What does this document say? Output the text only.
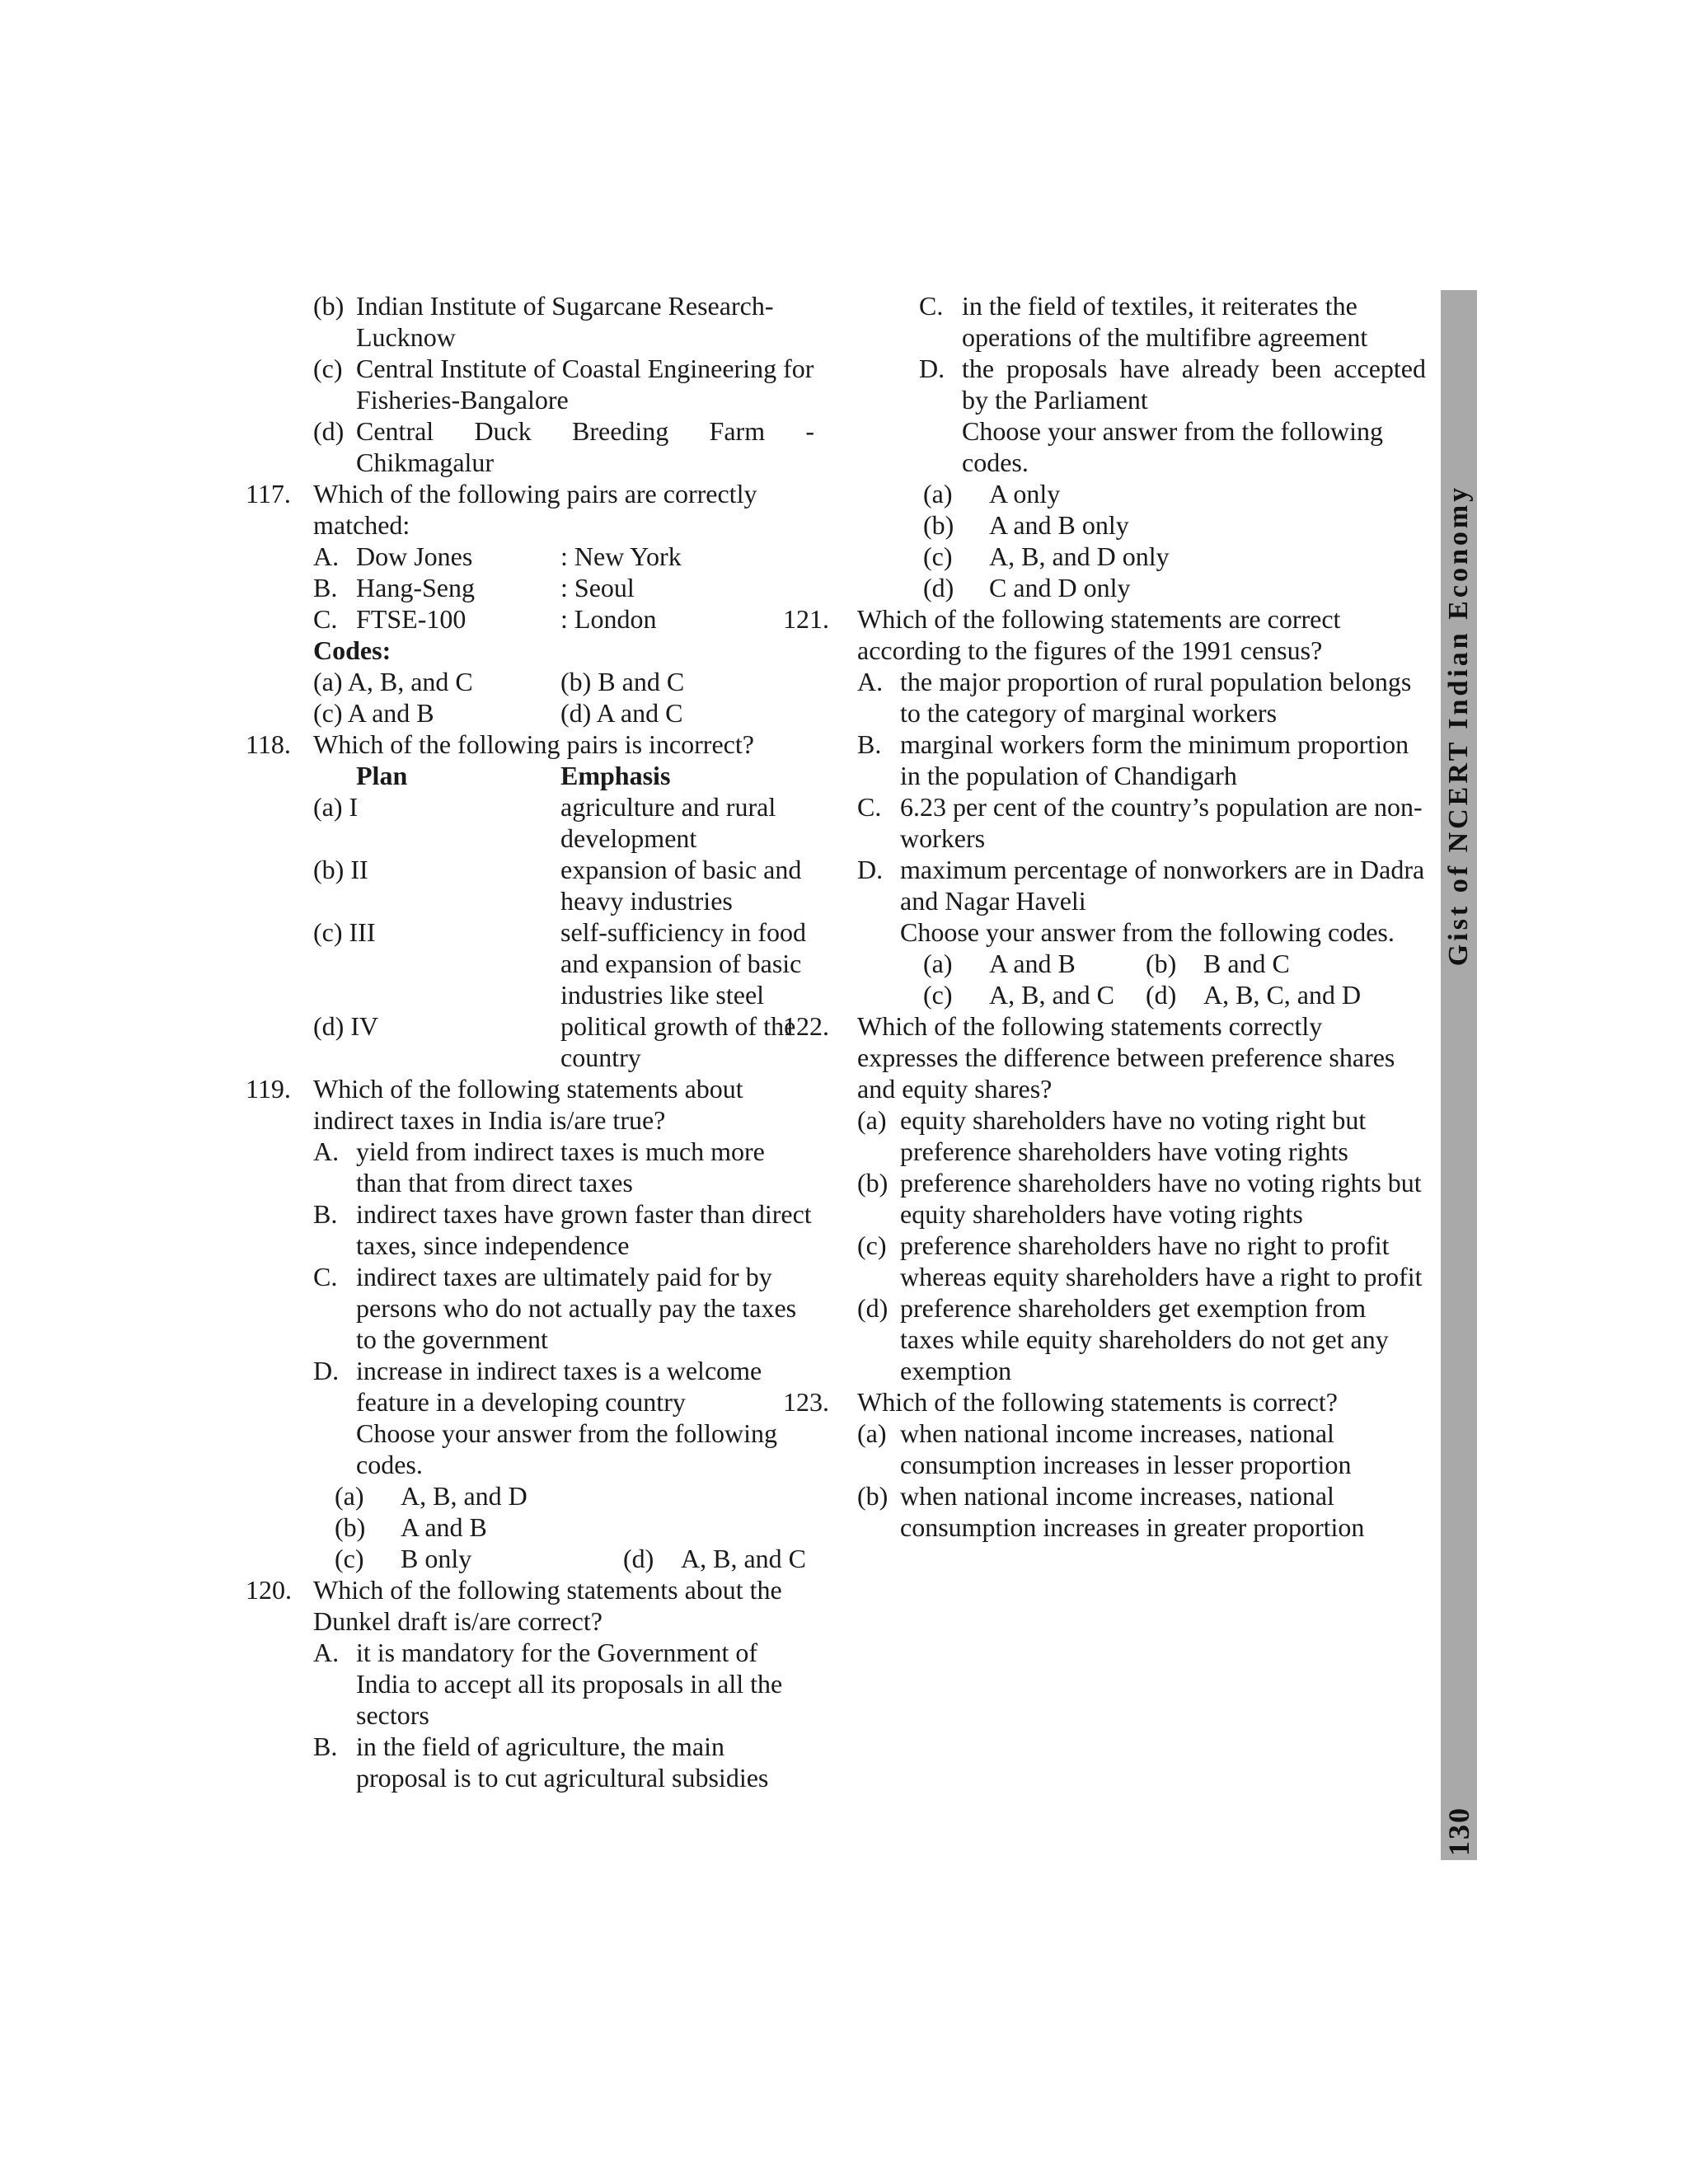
(b) Indian Institute of Sugarcane Research-Lucknow
(c) Central Institute of Coastal Engineering for Fisheries-Bangalore
(d) Central Duck Breeding Farm - Chikmagalur
117. Which of the following pairs are correctly matched:
A. Dow Jones	: New York
B. Hang-Seng	: Seoul
C. FTSE-100	: London
Codes:
(a) A, B, and C	(b) B and C
(c) A and B	(d) A and C
118. Which of the following pairs is incorrect?
Plan	Emphasis
(a) I	agriculture and rural development
(b) II	expansion of basic and heavy industries
(c) III	self-sufficiency in food and expansion of basic industries like steel
(d) IV	political growth of the country
119. Which of the following statements about indirect taxes in India is/are true?
A. yield from indirect taxes is much more than that from direct taxes
B. indirect taxes have grown faster than direct taxes, since independence
C. indirect taxes are ultimately paid for by persons who do not actually pay the taxes to the government
D. increase in indirect taxes is a welcome feature in a developing country
Choose your answer from the following codes.
(a)	A, B, and D
(b)	A and B
(c)	B only	(d)	A, B, and C
120. Which of the following statements about the Dunkel draft is/are correct?
A. it is mandatory for the Government of India to accept all its proposals in all the sectors
B. in the field of agriculture, the main proposal is to cut agricultural subsidies
C. in the field of textiles, it reiterates the operations of the multifibre agreement
D. the proposals have already been accepted by the Parliament
Choose your answer from the following codes.
(a)	A only
(b)	A and B only
(c)	A, B, and D only
(d)	C and D only
121.	Which of the following statements are correct according to the figures of the 1991 census?
A. the major proportion of rural population belongs to the category of marginal workers
B. marginal workers form the minimum proportion in the population of Chandigarh
C. 6.23 per cent of the country’s population are non-workers
D. maximum percentage of nonworkers are in Dadra and Nagar Haveli
Choose your answer from the following codes.
(a)	A and B	(b)	B and C
(c)	A, B, and C	(d)	A, B, C, and D
122.	Which of the following statements correctly expresses the difference between preference shares and equity shares?
(a) equity shareholders have no voting right but preference shareholders have voting rights
(b) preference shareholders have no voting rights but equity shareholders have voting rights
(c) preference shareholders have no right to profit whereas equity shareholders have a right to profit
(d) preference shareholders get exemption from taxes while equity shareholders do not get any exemption
123.	Which of the following statements is correct?
(a) when national income increases, national consumption increases in lesser proportion
(b) when national income increases, national consumption increases in greater proportion
Gist of NCERT Indian Economy
130
